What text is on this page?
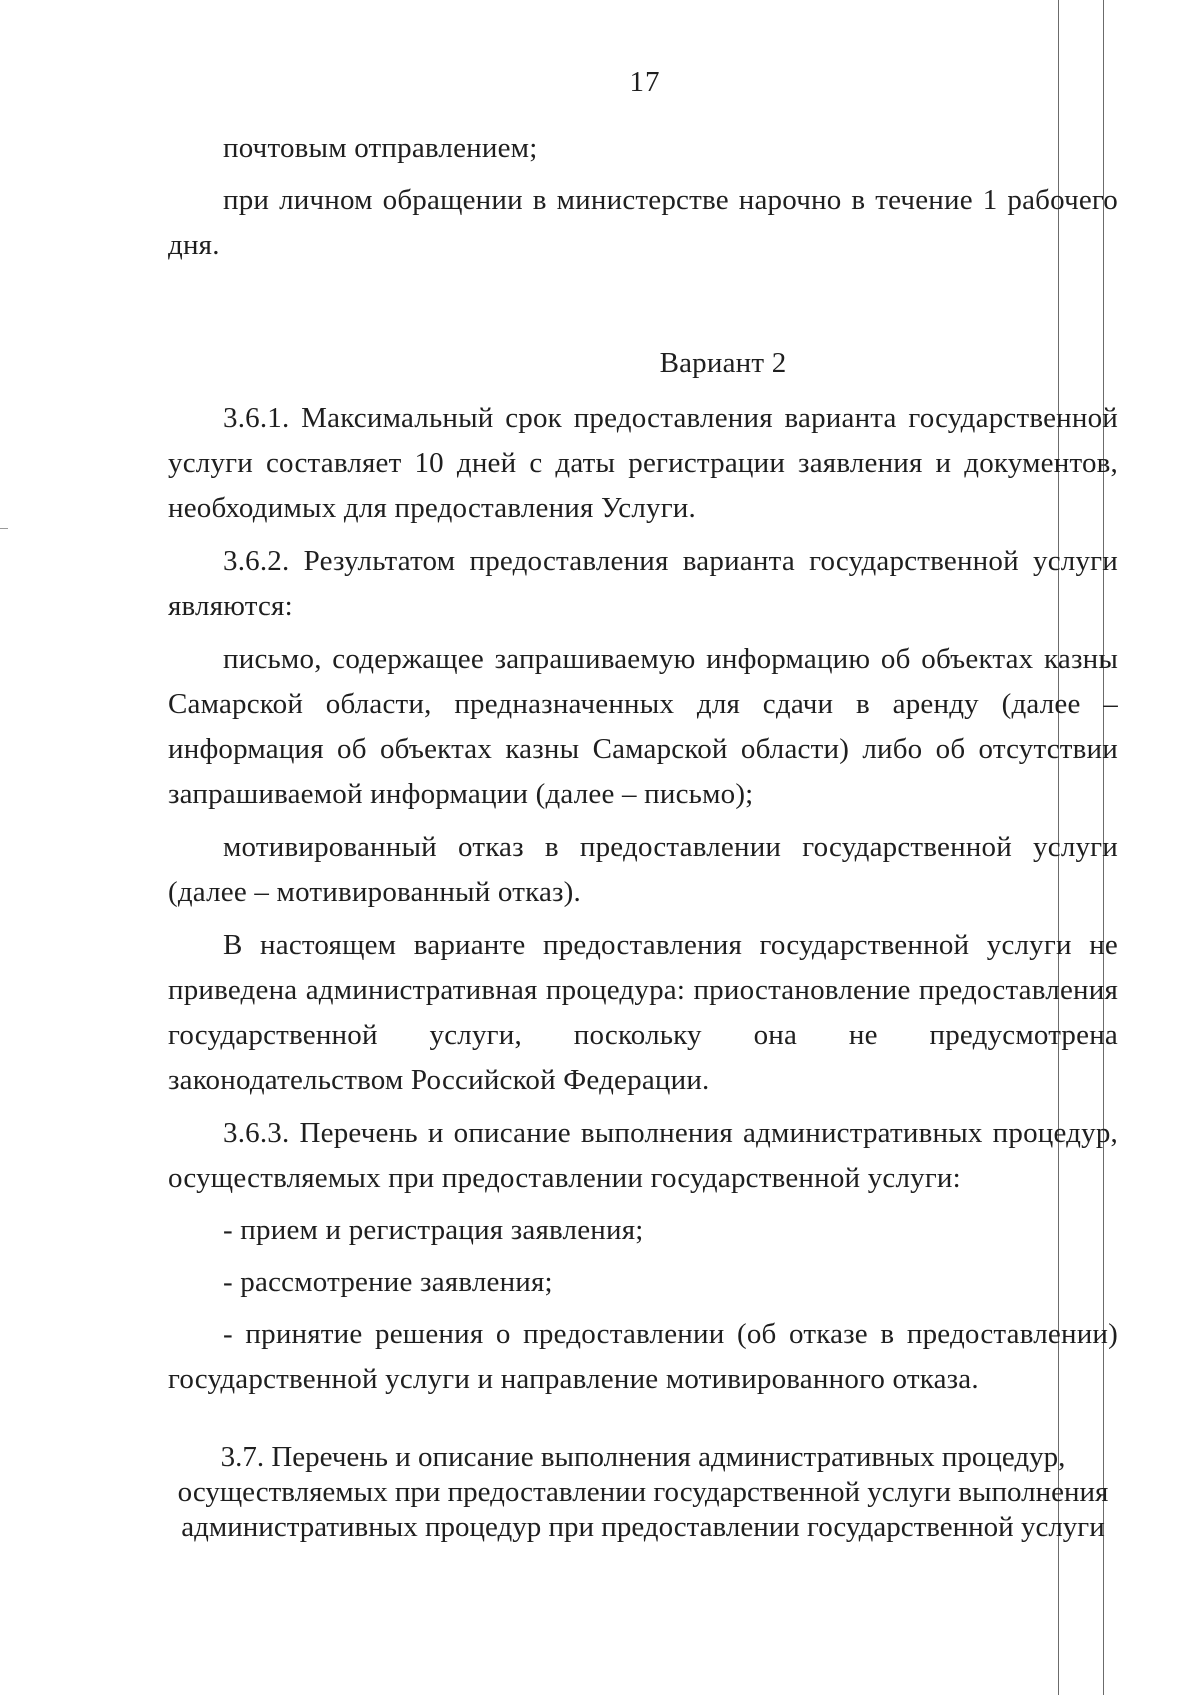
17

почтовым отправлением;

при личном обращении в министерстве нарочно в течение 1 рабочего дня.

Вариант 2

3.6.1. Максимальный срок предоставления варианта государственной услуги составляет 10 дней с даты регистрации заявления и документов, необходимых для предоставления Услуги.

3.6.2. Результатом предоставления варианта государственной услуги являются:

письмо, содержащее запрашиваемую информацию об объектах казны Самарской области, предназначенных для сдачи в аренду (далее – информация об объектах казны Самарской области) либо об отсутствии запрашиваемой информации (далее – письмо);

мотивированный отказ в предоставлении государственной услуги (далее – мотивированный отказ).

В настоящем варианте предоставления государственной услуги не приведена административная процедура: приостановление предоставления государственной услуги, поскольку она не предусмотрена законодательством Российской Федерации.

3.6.3. Перечень и описание выполнения административных процедур, осуществляемых при предоставлении государственной услуги:

- прием и регистрация заявления;

- рассмотрение заявления;

- принятие решения о предоставлении (об отказе в предоставлении) государственной услуги и направление мотивированного отказа.

3.7. Перечень и описание выполнения административных процедур,
осуществляемых при предоставлении государственной услуги выполнения
административных процедур при предоставлении государственной услуги
